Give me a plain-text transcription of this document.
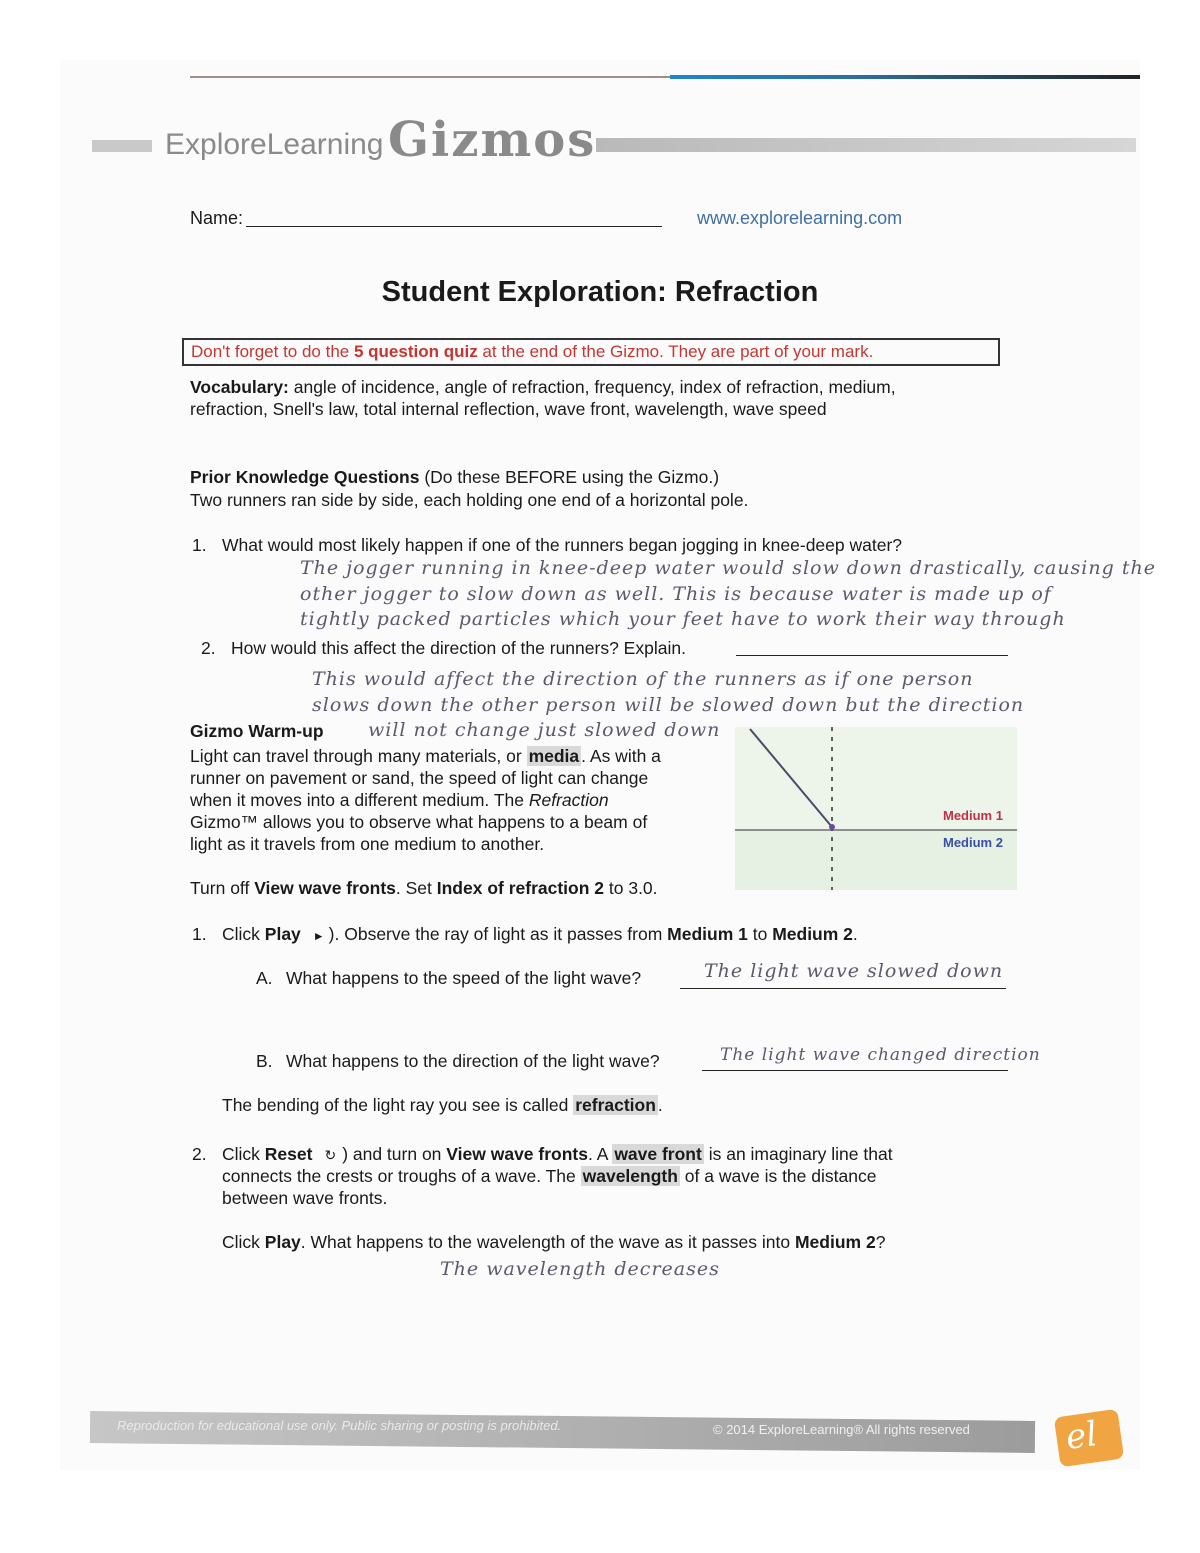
ExploreLearning Gizmos
Name:	www.explorelearning.com
Student Exploration: Refraction
Don't forget to do the 5 question quiz at the end of the Gizmo. They are part of your mark.
Vocabulary: angle of incidence, angle of refraction, frequency, index of refraction, medium,
refraction, Snell's law, total internal reflection, wave front, wavelength, wave speed
Prior Knowledge Questions (Do these BEFORE using the Gizmo.)
Two runners ran side by side, each holding one end of a horizontal pole.
1. What would most likely happen if one of the runners began jogging in knee-deep water?
The jogger running in knee-deep water would slow down drastically, causing the
other jogger to slow down as well. This is because water is made up of
tightly packed particles which your feet have to work their way through
2. How would this affect the direction of the runners? Explain.
This would affect the direction of the runners as if one person
slows down the other person will be slowed down but the direction
will not change just slowed down
Gizmo Warm-up
Light can travel through many materials, or media . As with a
runner on pavement or sand, the speed of light can change
when it moves into a different medium. The Refraction
Gizmo™ allows you to observe what happens to a beam of
light as it travels from one medium to another.
Turn off View wave fronts. Set Index of refraction 2 to 3.0.
Medium 1
Medium 2
1. Click Play ► ). Observe the ray of light as it passes from Medium 1 to Medium 2.
A. What happens to the speed of the light wave?	The light wave slowed down
B. What happens to the direction of the light wave?	The light wave changed direction
The bending of the light ray you see is called refraction .
2. Click Reset ↻ ) and turn on View wave fronts. A wave front is an imaginary line that
connects the crests or troughs of a wave. The wavelength of a wave is the distance
between wave fronts.
Click Play. What happens to the wavelength of the wave as it passes into Medium 2?
The wavelength decreases
Reproduction for educational use only. Public sharing or posting is prohibited.	© 2014 ExploreLearning® All rights reserved	el
